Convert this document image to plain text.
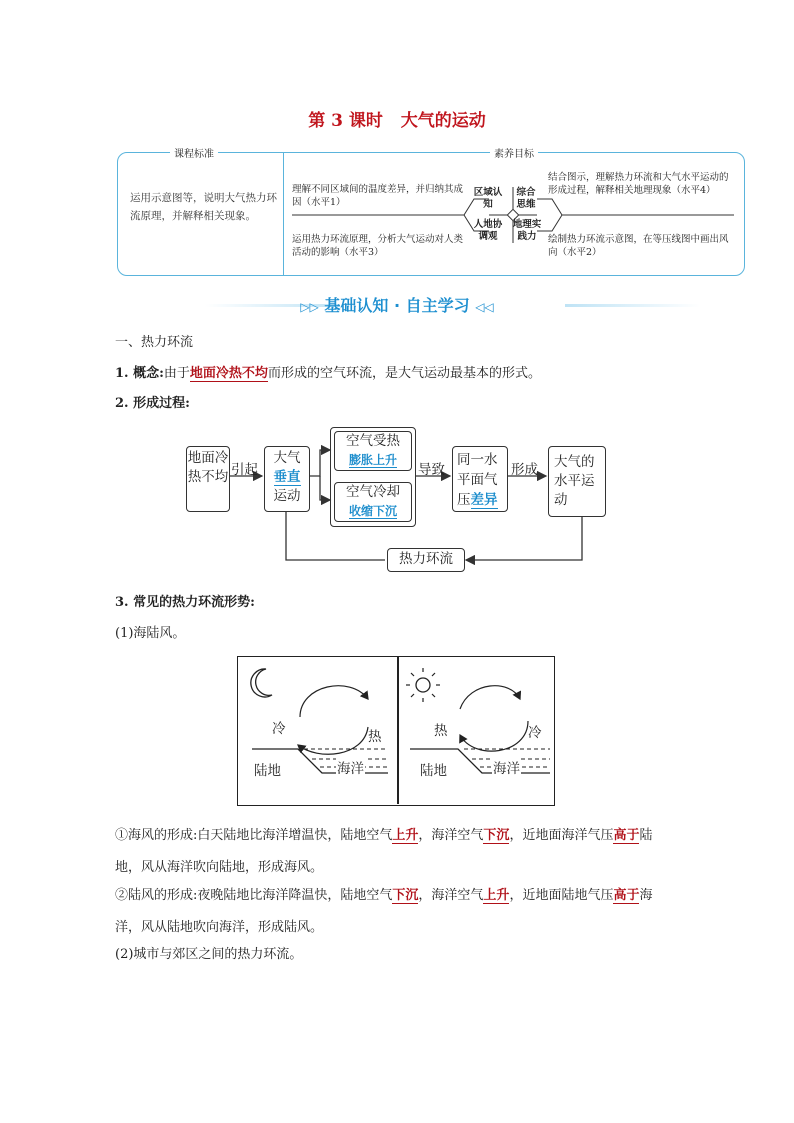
第 3 课时 大气的运动
课程标准	素养目标
运用示意图等，说明大气热力环流原理，并解释相关现象。
理解不同区域间的温度差异，并归纳其成因（水平1）
运用热力环流原理，分析大气运动对人类活动的影响（水平3）
结合图示，理解热力环流和大气水平运动的形成过程，解释相关地理现象（水平4）
绘制热力环流示意图，在等压线图中画出风向（水平2）
区域认知
综合思维
人地协调观
地理实践力
▷▷ 基础认知 · 自主学习 ◁◁
一、热力环流
1. 概念:由于地面冷热不均而形成的空气环流，是大气运动最基本的形式。
2. 形成过程:
地面冷热不均 引起
大气
垂直
运动
空气受热
膨胀上升
空气冷却
收缩下沉
导致
同一水平面气压差异
形成	大气的水平运动
热力环流
3. 常见的热力环流形势:
(1)海陆风。
冷	热
陆地	海洋
热	冷
陆地	海洋
①海风的形成:白天陆地比海洋增温快，陆地空气上升，海洋空气下沉，近地面海洋气压高于陆
地，风从海洋吹向陆地，形成海风。
②陆风的形成:夜晚陆地比海洋降温快，陆地空气下沉，海洋空气上升，近地面陆地气压高于海
洋，风从陆地吹向海洋，形成陆风。
(2)城市与郊区之间的热力环流。
